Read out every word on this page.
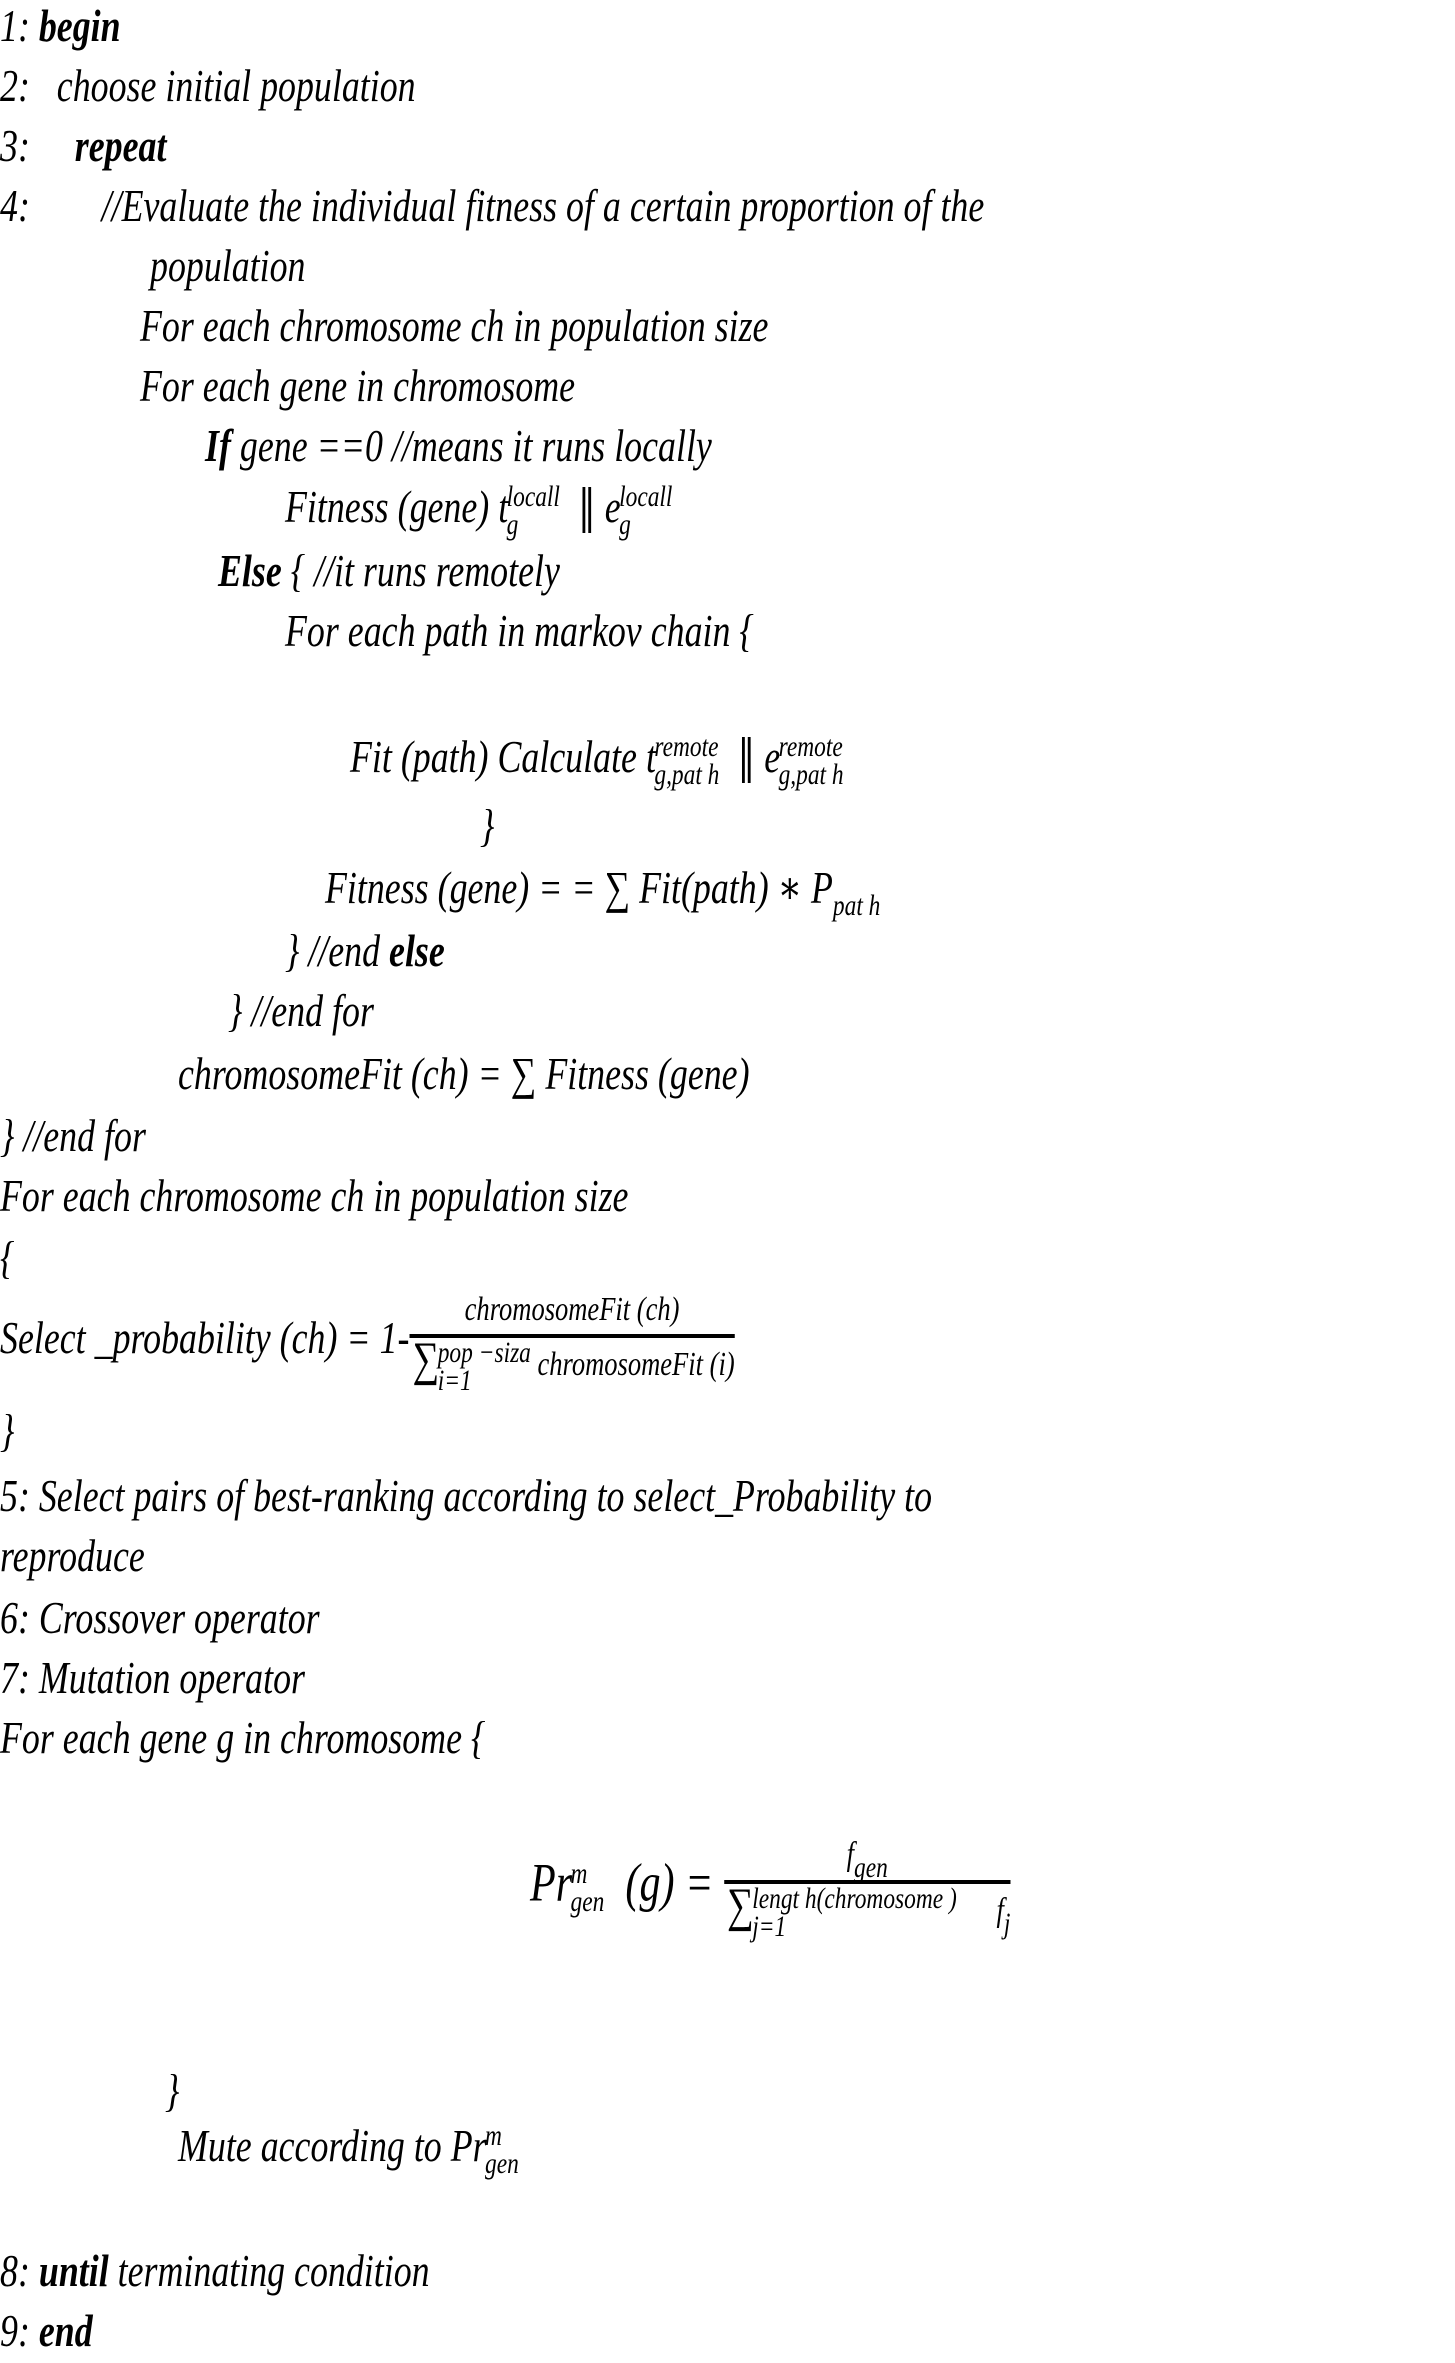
1: begin
2: choose initial population
3: repeat
4: //Evaluate the individual fitness of a certain proportion of the
population
For each chromosome ch in population size
For each gene in chromosome
If gene ==0 //means it runs locally
Fitness (gene) t
locall
g	‖ e
locall
g
Else { //it runs remotely
For each path in markov chain {
Fit (path) Calculate t
remote
g,pat h ‖ e
remote
g,pat h
}
Fitness (gene) = = ∑ Fit(path) ∗ $P_{pat h}$
} //end else
} //end for
chromosomeFit (ch) = ∑ Fitness (gene)
} //end for
For each chromosome ch in population size
{
Select _probability (ch) = 1- chromosomeFit (ch)
∑
pop −siza
i=1	chromosomeFit (i)
}
5: Select pairs of best-ranking according to select_Probability to
reproduce
6: Crossover operator
7: Mutation operator
For each gene g in chromosome {
Pr
m
gen (g) = fgen
∑
lengt h(chromosome )
j=1	fj
}
Mute according to Pr
m
gen
8: until terminating condition
9: end
